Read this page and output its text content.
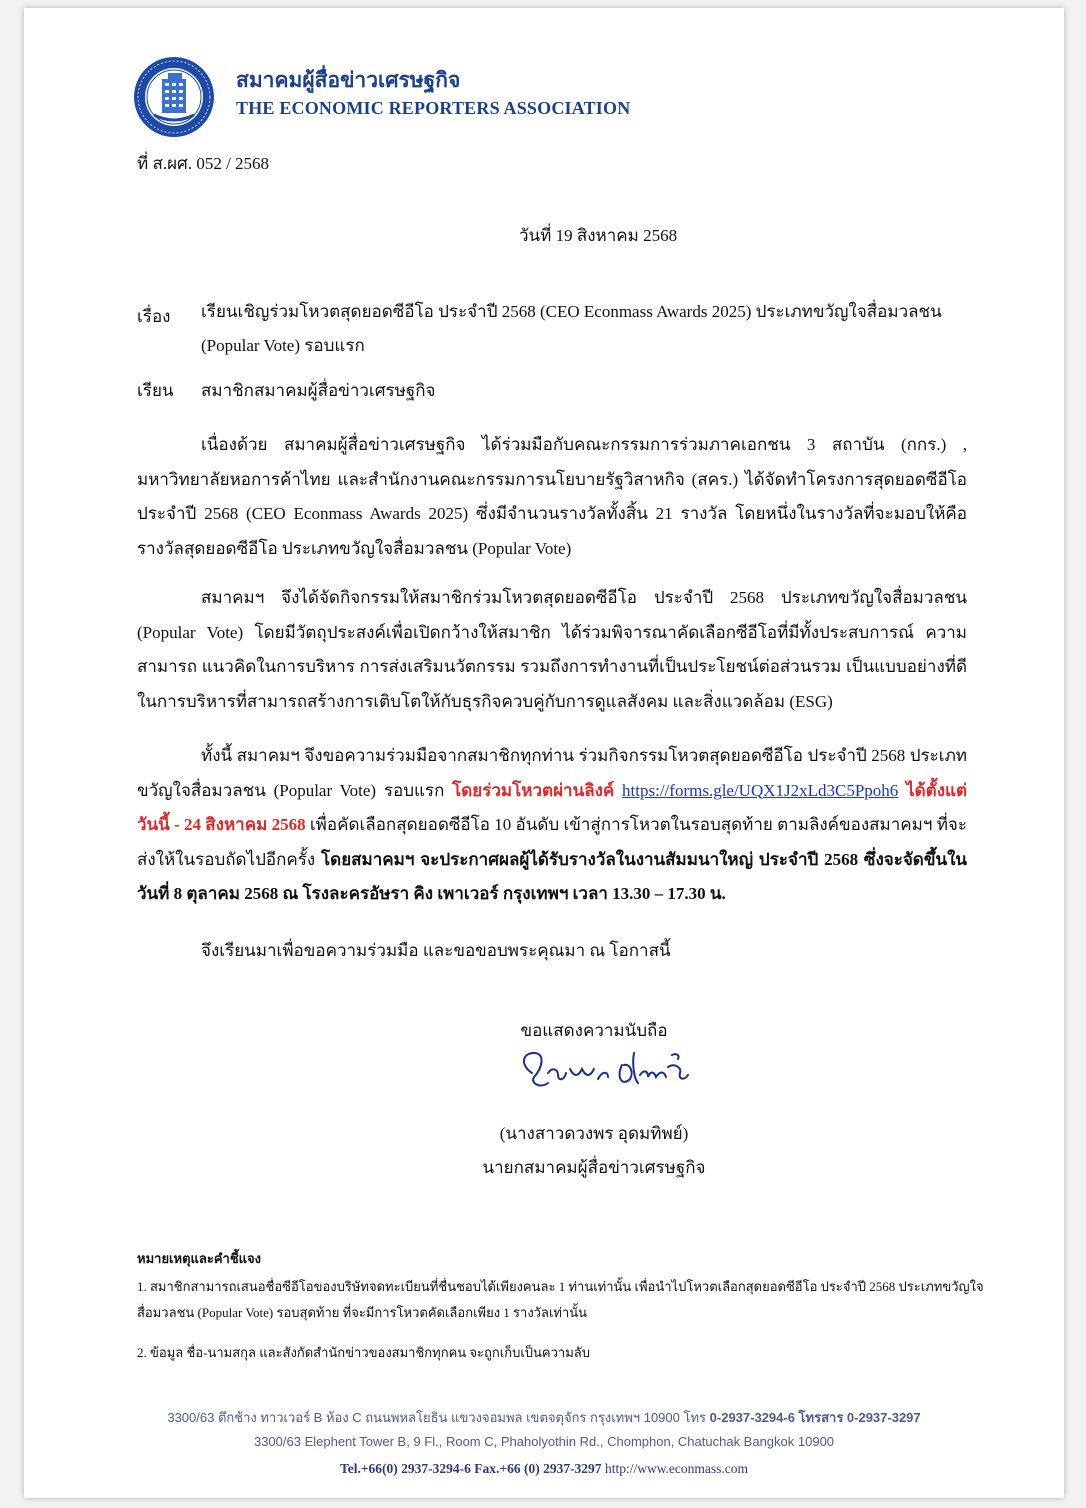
สมาคมผู้สื่อข่าวเศรษฐกิจ
THE ECONOMIC REPORTERS ASSOCIATION
ที่ ส.ผศ. 052 / 2568
วันที่ 19 สิงหาคม 2568
เรื่อง เรียนเชิญร่วมโหวตสุดยอดซีอีโอ ประจำปี 2568 (CEO Econmass Awards 2025) ประเภทขวัญใจสื่อมวลชน
(Popular Vote) รอบแรก
เรียน สมาชิกสมาคมผู้สื่อข่าวเศรษฐกิจ
เนื่องด้วย สมาคมผู้สื่อข่าวเศรษฐกิจ ได้ร่วมมือกับคณะกรรมการร่วมภาคเอกชน 3 สถาบัน (กกร.) , มหาวิทยาลัยหอการค้าไทย และสำนักงานคณะกรรมการนโยบายรัฐวิสาหกิจ (สคร.) ได้จัดทำโครงการสุดยอดซีอีโอ ประจำปี 2568 (CEO Econmass Awards 2025) ซึ่งมีจำนวนรางวัลทั้งสิ้น 21 รางวัล โดยหนึ่งในรางวัลที่จะมอบให้คือ รางวัลสุดยอดซีอีโอ ประเภทขวัญใจสื่อมวลชน (Popular Vote)
สมาคมฯ จึงได้จัดกิจกรรมให้สมาชิกร่วมโหวตสุดยอดซีอีโอ ประจำปี 2568 ประเภทขวัญใจสื่อมวลชน (Popular Vote) โดยมีวัตถุประสงค์เพื่อเปิดกว้างให้สมาชิก ได้ร่วมพิจารณาคัดเลือกซีอีโอที่มีทั้งประสบการณ์ ความสามารถ แนวคิดในการบริหาร การส่งเสริมนวัตกรรม รวมถึงการทำงานที่เป็นประโยชน์ต่อส่วนรวม เป็นแบบอย่างที่ดีในการบริหารที่สามารถสร้างการเติบโตให้กับธุรกิจควบคู่กับการดูแลสังคม และสิ่งแวดล้อม (ESG)
ทั้งนี้ สมาคมฯ จึงขอความร่วมมือจากสมาชิกทุกท่าน ร่วมกิจกรรมโหวตสุดยอดซีอีโอ ประจำปี 2568 ประเภทขวัญใจสื่อมวลชน (Popular Vote) รอบแรก โดยร่วมโหวตผ่านลิงค์ https://forms.gle/UQX1J2xLd3C5Ppoh6 ได้ตั้งแต่วันนี้ - 24 สิงหาคม 2568 เพื่อคัดเลือกสุดยอดซีอีโอ 10 อันดับ เข้าสู่การโหวตในรอบสุดท้าย ตามลิงค์ของสมาคมฯ ที่จะส่งให้ในรอบถัดไปอีกครั้ง โดยสมาคมฯ จะประกาศผลผู้ได้รับรางวัลในงานสัมมนาใหญ่ ประจำปี 2568 ซึ่งจะจัดขึ้นในวันที่ 8 ตุลาคม 2568 ณ โรงละครอัษรา คิง เพาเวอร์ กรุงเทพฯ เวลา 13.30 – 17.30 น.
จึงเรียนมาเพื่อขอความร่วมมือ และขอขอบพระคุณมา ณ โอกาสนี้
ขอแสดงความนับถือ
(นางสาวดวงพร อุดมทิพย์)
นายกสมาคมผู้สื่อข่าวเศรษฐกิจ
หมายเหตุและคำชี้แจง
1. สมาชิกสามารถเสนอชื่อซีอีโอของบริษัทจดทะเบียนที่ชื่นชอบได้เพียงคนละ 1 ท่านเท่านั้น เพื่อนำไปโหวตเลือกสุดยอดซีอีโอ ประจำปี 2568 ประเภทขวัญใจสื่อมวลชน (Popular Vote) รอบสุดท้าย ที่จะมีการโหวตคัดเลือกเพียง 1 รางวัลเท่านั้น
2. ข้อมูล ชื่อ-นามสกุล และสังกัดสำนักข่าวของสมาชิกทุกคน จะถูกเก็บเป็นความลับ
3300/63 ตึกช้าง ทาวเวอร์ B ห้อง C ถนนพหลโยธิน แขวงจอมพล เขตจตุจักร กรุงเทพฯ 10900 โทร 0-2937-3294-6 โทรสาร 0-2937-3297
3300/63 Elephent Tower B, 9 Fl., Room C, Phaholyothin Rd., Chomphon, Chatuchak Bangkok 10900
Tel.+66(0) 2937-3294-6 Fax.+66 (0) 2937-3297 http://www.econmass.com
